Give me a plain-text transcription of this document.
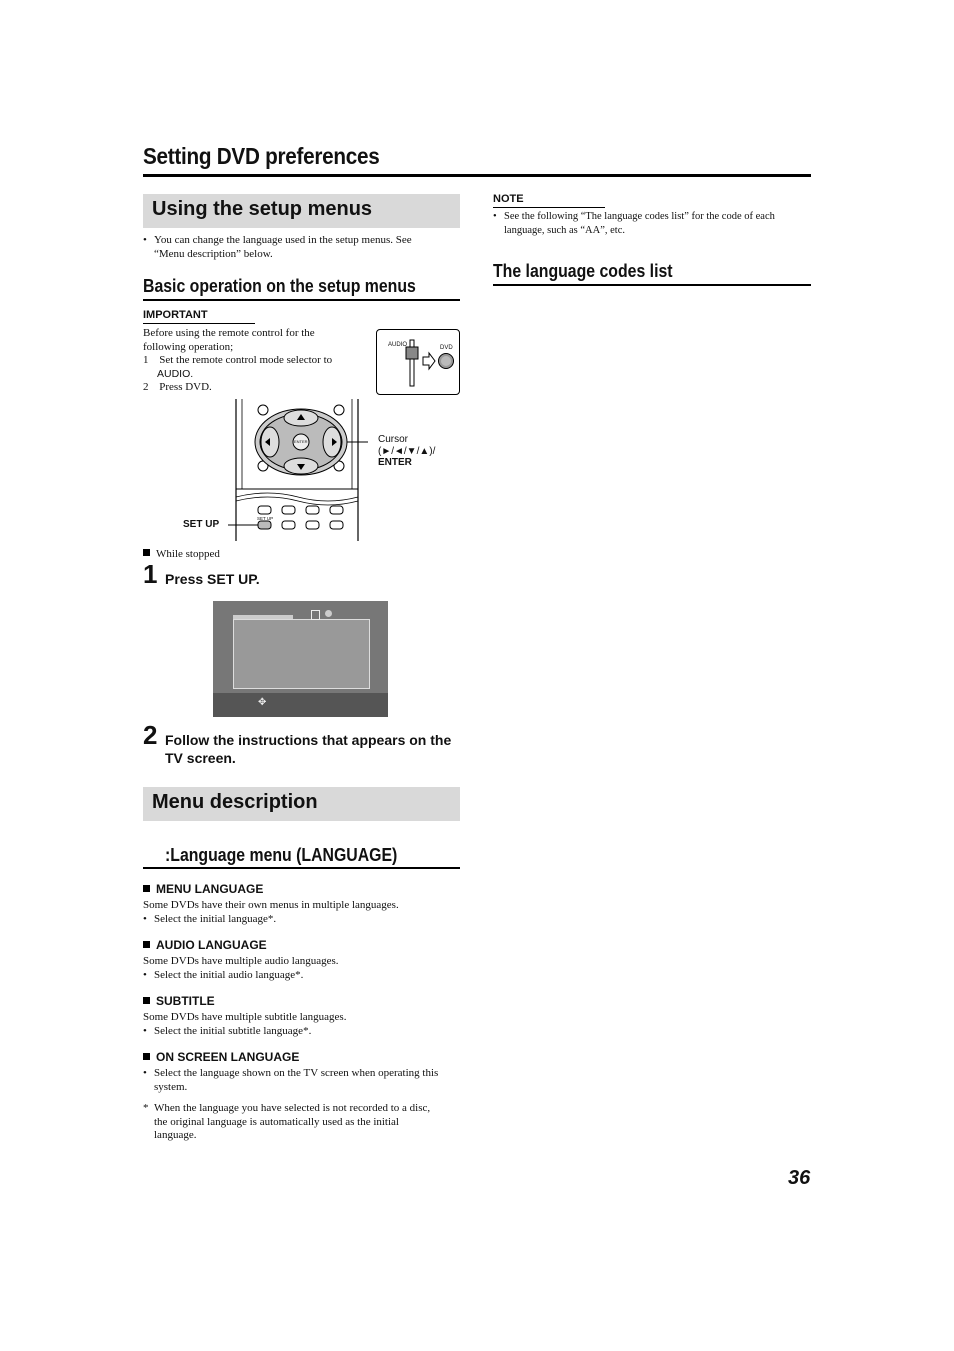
Setting DVD preferences
Using the setup menus
• You can change the language used in the setup menus. See “Menu description” below.
Basic operation on the setup menus
IMPORTANT
Before using the remote control for the
following operation;
1 Set the remote control mode selector to
AUDIO.
2 Press DVD.
AUDIO	DVD
ENTER
SET UP
Cursor
(►/◄/▼/▲)/
ENTER
SET UP
While stopped
1 Press SET UP.
✥
2 Follow the instructions that appears on the TV screen.
Menu description
:Language menu (LANGUAGE)
MENU LANGUAGE
Some DVDs have their own menus in multiple languages.
• Select the initial language*.
AUDIO LANGUAGE
Some DVDs have multiple audio languages.
• Select the initial audio language*.
SUBTITLE
Some DVDs have multiple subtitle languages.
• Select the initial subtitle language*.
ON SCREEN LANGUAGE
• Select the language shown on the TV screen when operating this
system.
* When the language you have selected is not recorded to a disc,
the original language is automatically used as the initial
language.
NOTE
• See the following “The language codes list” for the code of each
language, such as “AA”, etc.
The language codes list
36
